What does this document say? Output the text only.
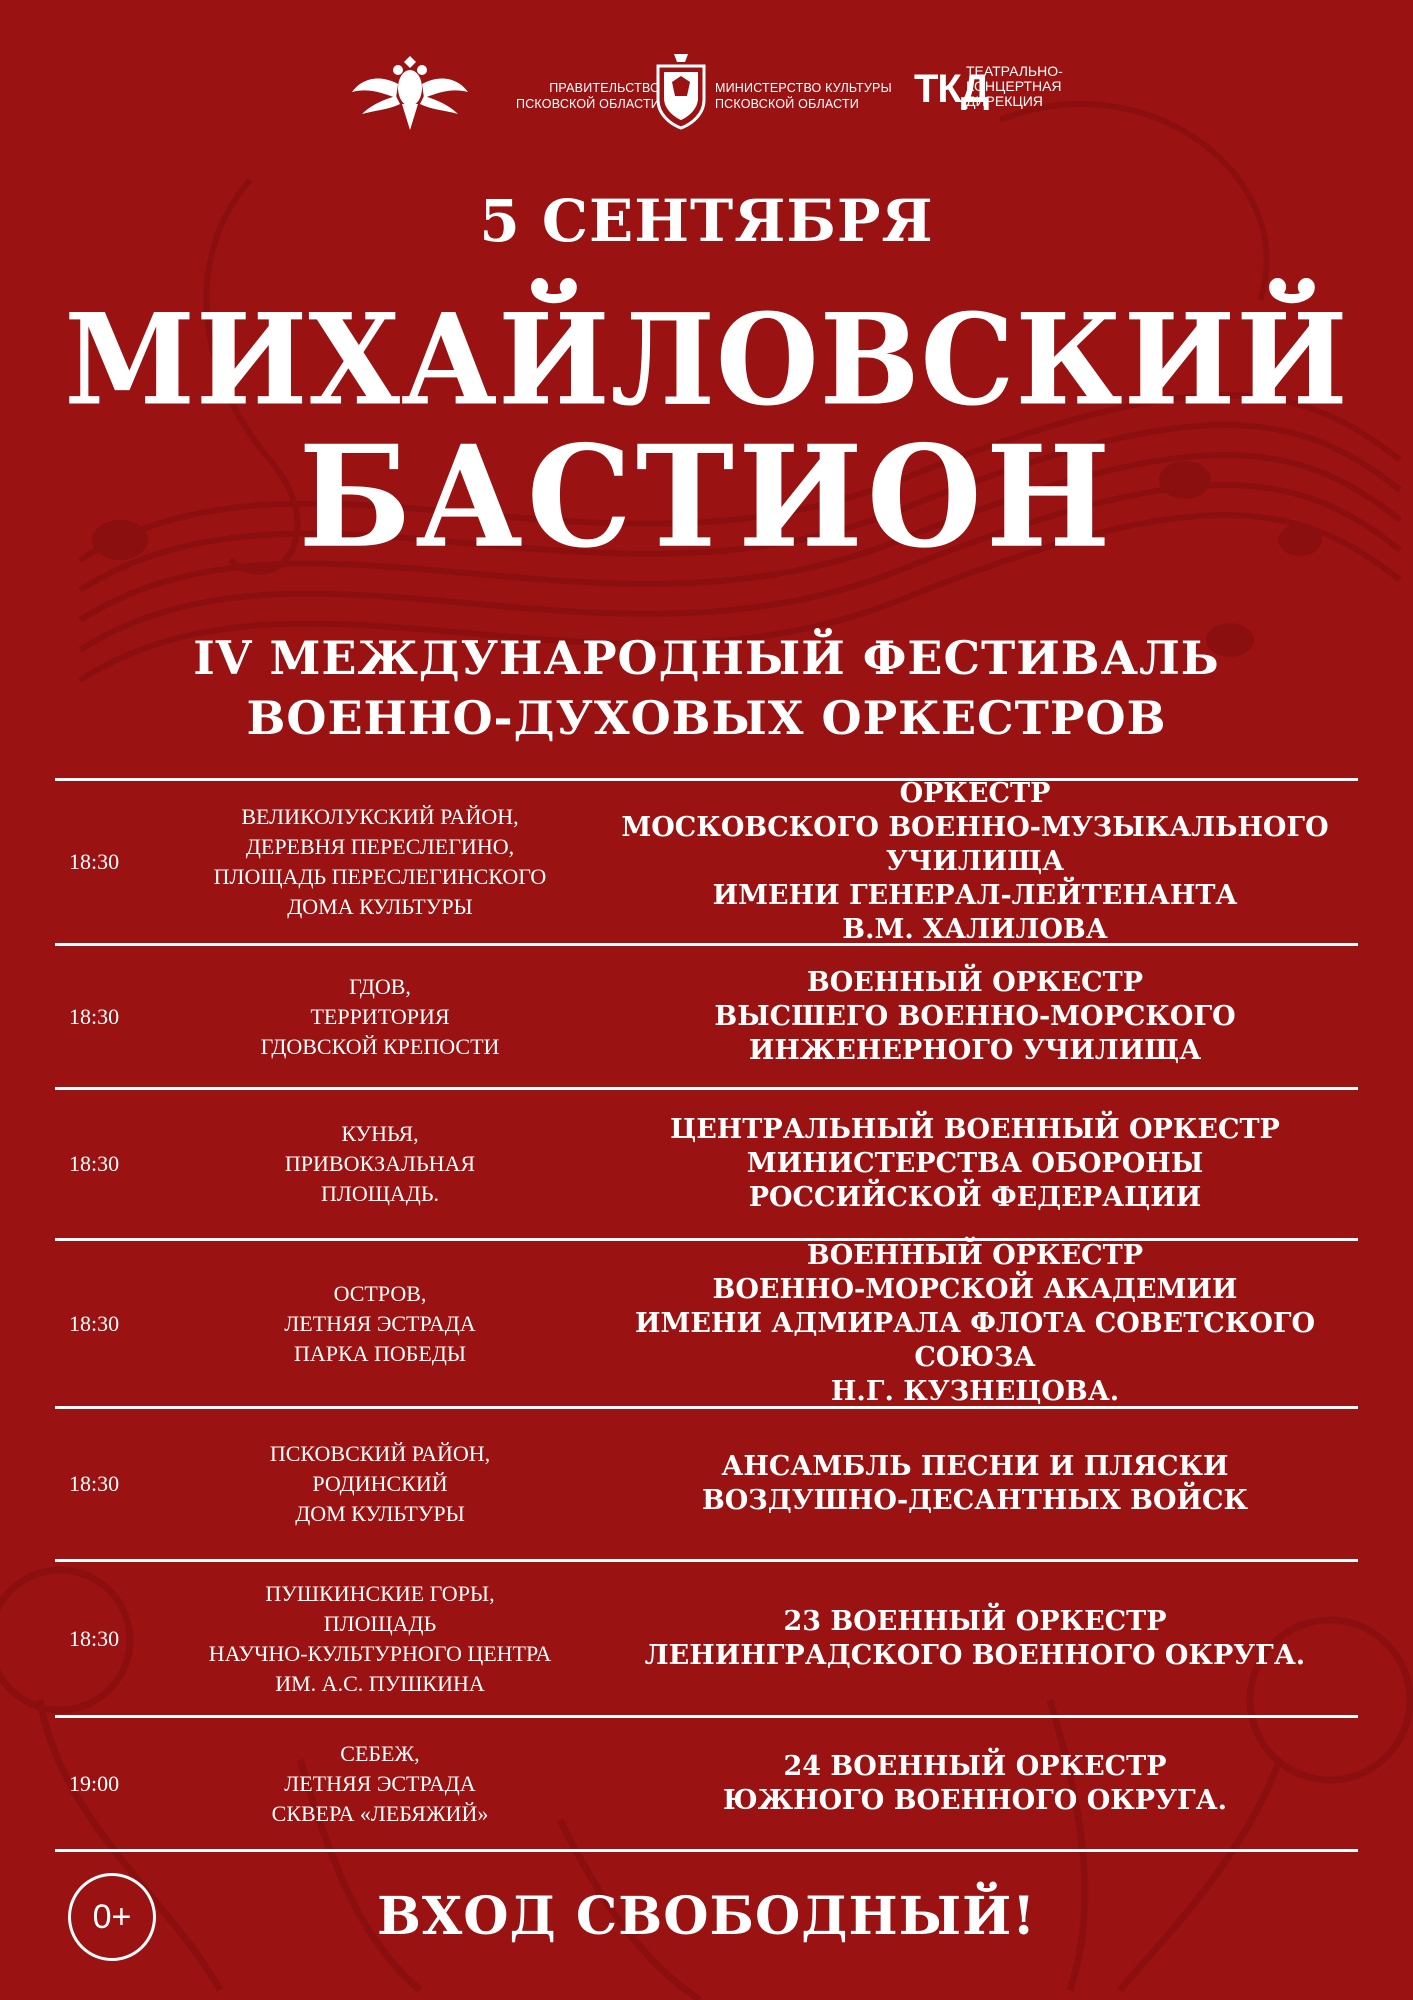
ПРАВИТЕЛЬСТВО
ПСКОВСКОЙ ОБЛАСТИ
МИНИСТЕРСТВО КУЛЬТУРЫ
ПСКОВСКОЙ ОБЛАСТИ	ТКД
ТЕАТРАЛЬНО-
КОНЦЕРТНАЯ
ДИРЕКЦИЯ
5 СЕНТЯБРЯ
МИХАЙЛОВСКИЙ
БАСТИОН
IV МЕЖДУНАРОДНЫЙ ФЕСТИВАЛЬ
ВОЕННО-ДУХОВЫХ ОРКЕСТРОВ
18:30
ВЕЛИКОЛУКСКИЙ РАЙОН,
ДЕРЕВНЯ ПЕРЕСЛЕГИНО,
ПЛОЩАДЬ ПЕРЕСЛЕГИНСКОГО
ДОМА КУЛЬТУРЫ
ОРКЕСТР
МОСКОВСКОГО ВОЕННО-МУЗЫКАЛЬНОГО УЧИЛИЩА
ИМЕНИ ГЕНЕРАЛ-ЛЕЙТЕНАНТА
В.М. ХАЛИЛОВА
18:30
ГДОВ,
ТЕРРИТОРИЯ
ГДОВСКОЙ КРЕПОСТИ
ВОЕННЫЙ ОРКЕСТР
ВЫСШЕГО ВОЕННО-МОРСКОГО
ИНЖЕНЕРНОГО УЧИЛИЩА
18:30
КУНЬЯ,
ПРИВОКЗАЛЬНАЯ
ПЛОЩАДЬ.
ЦЕНТРАЛЬНЫЙ ВОЕННЫЙ ОРКЕСТР
МИНИСТЕРСТВА ОБОРОНЫ
РОССИЙСКОЙ ФЕДЕРАЦИИ
18:30
ОСТРОВ,
ЛЕТНЯЯ ЭСТРАДА
ПАРКА ПОБЕДЫ
ВОЕННЫЙ ОРКЕСТР
ВОЕННО-МОРСКОЙ АКАДЕМИИ
ИМЕНИ АДМИРАЛА ФЛОТА СОВЕТСКОГО СОЮЗА
Н.Г. КУЗНЕЦОВА.
18:30
ПСКОВСКИЙ РАЙОН,
РОДИНСКИЙ
ДОМ КУЛЬТУРЫ
АНСАМБЛЬ ПЕСНИ И ПЛЯСКИ
ВОЗДУШНО-ДЕСАНТНЫХ ВОЙСК
18:30
ПУШКИНСКИЕ ГОРЫ,
ПЛОЩАДЬ
НАУЧНО-КУЛЬТУРНОГО ЦЕНТРА
ИМ. А.С. ПУШКИНА
23 ВОЕННЫЙ ОРКЕСТР
ЛЕНИНГРАДСКОГО ВОЕННОГО ОКРУГА.
19:00
СЕБЕЖ,
ЛЕТНЯЯ ЭСТРАДА
СКВЕРА «ЛЕБЯЖИЙ»
24 ВОЕННЫЙ ОРКЕСТР
ЮЖНОГО ВОЕННОГО ОКРУГА.
0+	ВХОД СВОБОДНЫЙ!
